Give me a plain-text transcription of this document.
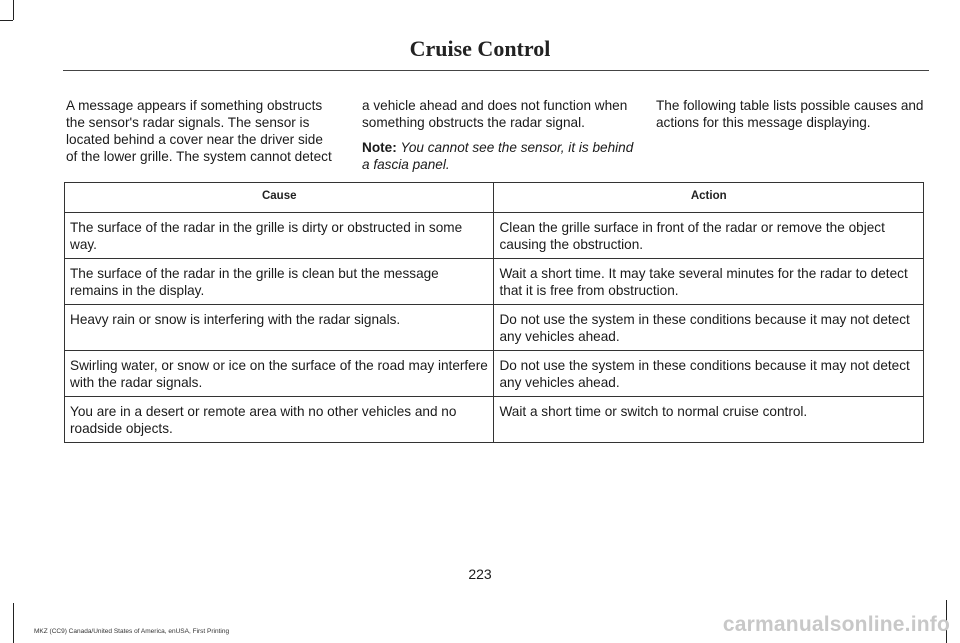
Cruise Control

A message appears if something obstructs the sensor's radar signals. The sensor is located behind a cover near the driver side of the lower grille. The system cannot detect

a vehicle ahead and does not function when something obstructs the radar signal.

Note: You cannot see the sensor, it is behind a fascia panel.

The following table lists possible causes and actions for this message displaying.

Cause	Action
The surface of the radar in the grille is dirty or obstructed in some way.	Clean the grille surface in front of the radar or remove the object causing the obstruction.
The surface of the radar in the grille is clean but the message remains in the display.	Wait a short time. It may take several minutes for the radar to detect that it is free from obstruction.
Heavy rain or snow is interfering with the radar signals.	Do not use the system in these conditions because it may not detect any vehicles ahead.
Swirling water, or snow or ice on the surface of the road may interfere with the radar signals.	Do not use the system in these conditions because it may not detect any vehicles ahead.
You are in a desert or remote area with no other vehicles and no roadside objects.	Wait a short time or switch to normal cruise control.
223
MKZ (CC9) Canada/United States of America, enUSA, First Printing	carmanualsonline.info
